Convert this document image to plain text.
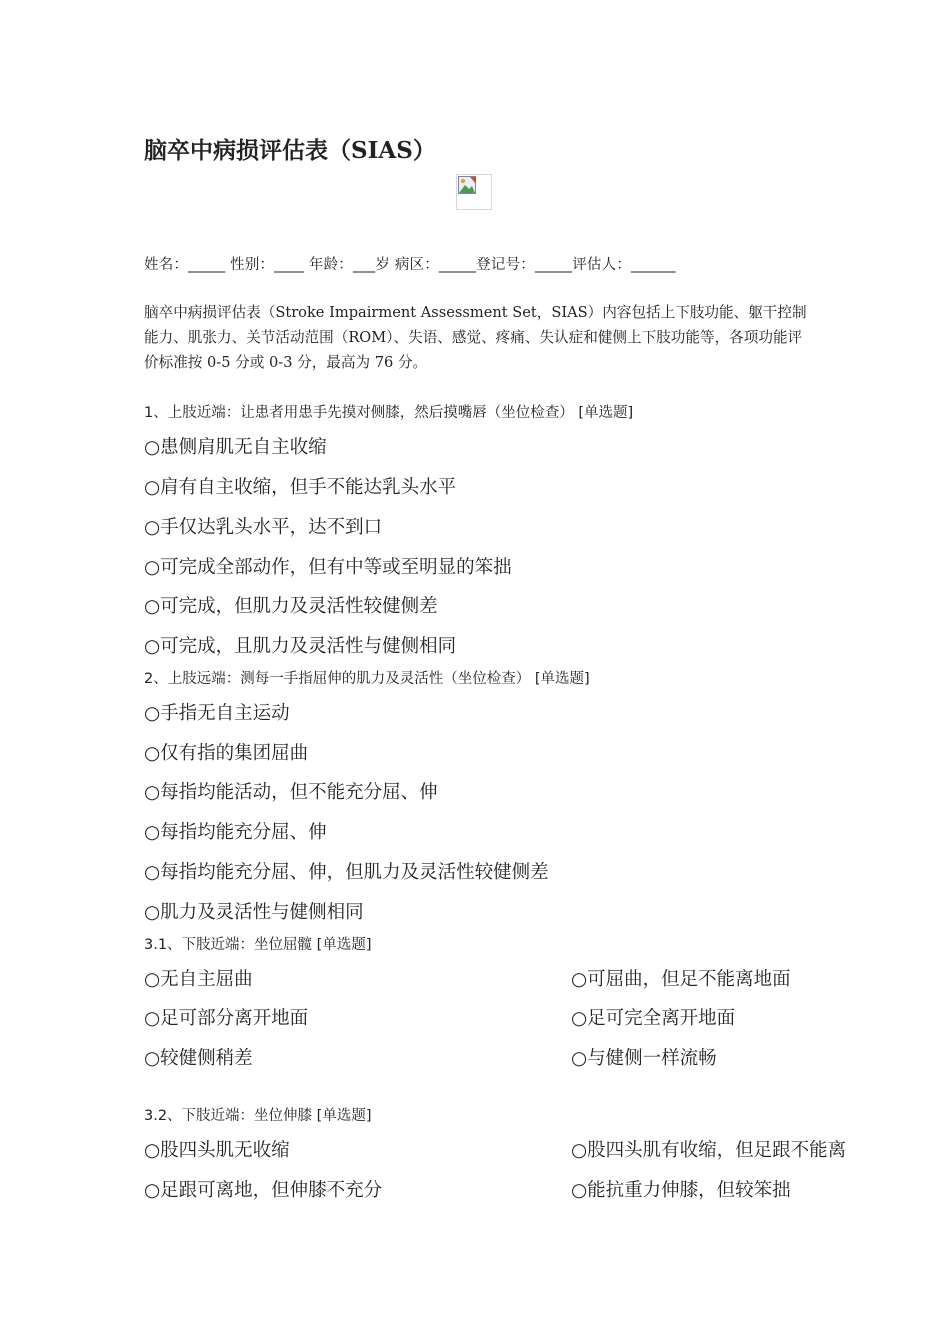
脑卒中病损评估表（SIAS）
姓名：_____ 性别：____ 年龄：___岁 病区：_____登记号：_____评估人：______

脑卒中病损评估表（Stroke Impairment Assessment Set，SIAS）内容包括上下肢功能、躯干控制能力、肌张力、关节活动范围（ROM）、失语、感觉、疼痛、失认症和健侧上下肢功能等，各项功能评价标准按 0-5 分或 0-3 分，最高为 76 分。

1、上肢近端：让患者用患手先摸对侧膝，然后摸嘴唇（坐位检查） [单选题]
○患侧肩肌无自主收缩
○肩有自主收缩，但手不能达乳头水平
○手仅达乳头水平，达不到口
○可完成全部动作，但有中等或至明显的笨拙
○可完成，但肌力及灵活性较健侧差
○可完成，且肌力及灵活性与健侧相同
2、上肢远端：测每一手指屈伸的肌力及灵活性（坐位检查） [单选题]
○手指无自主运动
○仅有指的集团屈曲
○每指均能活动，但不能充分屈、伸
○每指均能充分屈、伸
○每指均能充分屈、伸，但肌力及灵活性较健侧差
○肌力及灵活性与健侧相同
3.1、下肢近端：坐位屈髋 [单选题]
○无自主屈曲	○可屈曲，但足不能离地面
○足可部分离开地面	○足可完全离开地面
○较健侧稍差	○与健侧一样流畅
3.2、下肢近端：坐位伸膝 [单选题]
○股四头肌无收缩	○股四头肌有收缩，但足跟不能离
○足跟可离地，但伸膝不充分	○能抗重力伸膝，但较笨拙
